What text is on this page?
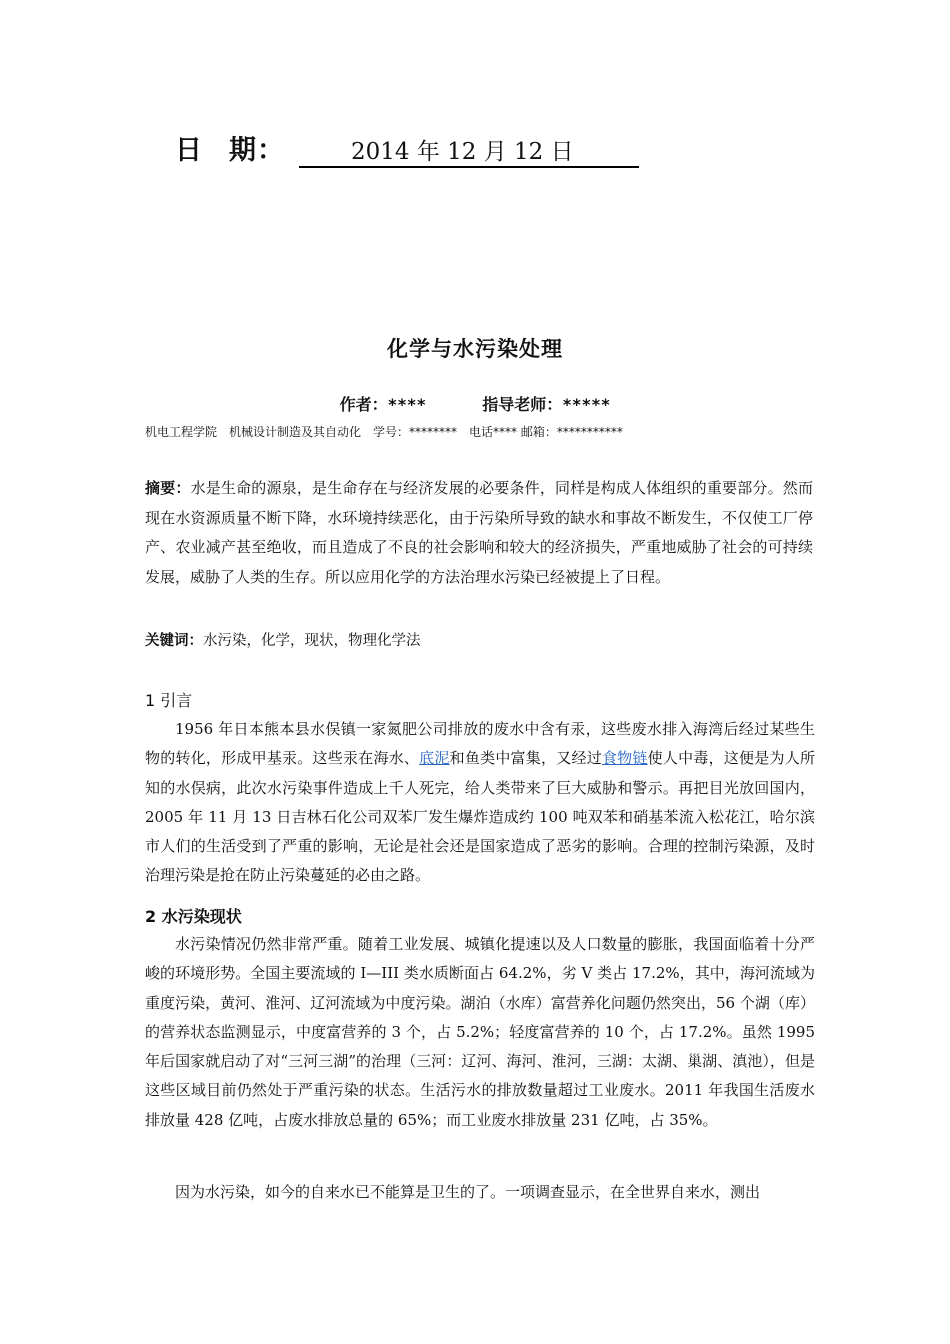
日 期：	2014 年 12 月 12 日
化学与水污染处理
作者：****	指导老师：*****
机电工程学院 机械设计制造及其自动化 学号：******** 电话**** 邮箱：***********
摘要：水是生命的源泉，是生命存在与经济发展的必要条件，同样是构成人体组织的重要部分。然而现在水资源质量不断下降，水环境持续恶化，由于污染所导致的缺水和事故不断发生，不仅使工厂停产、农业减产甚至绝收，而且造成了不良的社会影响和较大的经济损失，严重地威胁了社会的可持续发展，威胁了人类的生存。所以应用化学的方法治理水污染已经被提上了日程。
关键词：水污染，化学，现状，物理化学法
1 引言
1956 年日本熊本县水俣镇一家氮肥公司排放的废水中含有汞，这些废水排入海湾后经过某些生物的转化，形成甲基汞。这些汞在海水、底泥和鱼类中富集，又经过食物链使人中毒，这便是为人所知的水俣病，此次水污染事件造成上千人死完，给人类带来了巨大威胁和警示。再把目光放回国内，2005 年 11 月 13 日吉林石化公司双苯厂发生爆炸造成约 100 吨双苯和硝基苯流入松花江，哈尔滨市人们的生活受到了严重的影响，无论是社会还是国家造成了恶劣的影响。合理的控制污染源，及时治理污染是抢在防止污染蔓延的必由之路。
2 水污染现状
水污染情况仍然非常严重。随着工业发展、城镇化提速以及人口数量的膨胀，我国面临着十分严峻的环境形势。全国主要流域的 I—III 类水质断面占 64.2%，劣 V 类占 17.2%，其中，海河流域为重度污染，黄河、淮河、辽河流域为中度污染。湖泊（水库）富营养化问题仍然突出，56 个湖（库）的营养状态监测显示，中度富营养的 3 个，占 5.2%；轻度富营养的 10 个，占 17.2%。虽然 1995 年后国家就启动了对“三河三湖”的治理（三河：辽河、海河、淮河，三湖：太湖、巢湖、滇池），但是这些区域目前仍然处于严重污染的状态。生活污水的排放数量超过工业废水。2011 年我国生活废水排放量 428 亿吨，占废水排放总量的 65%；而工业废水排放量 231 亿吨，占 35%。
因为水污染，如今的自来水已不能算是卫生的了。一项调查显示，在全世界自来水，测出
